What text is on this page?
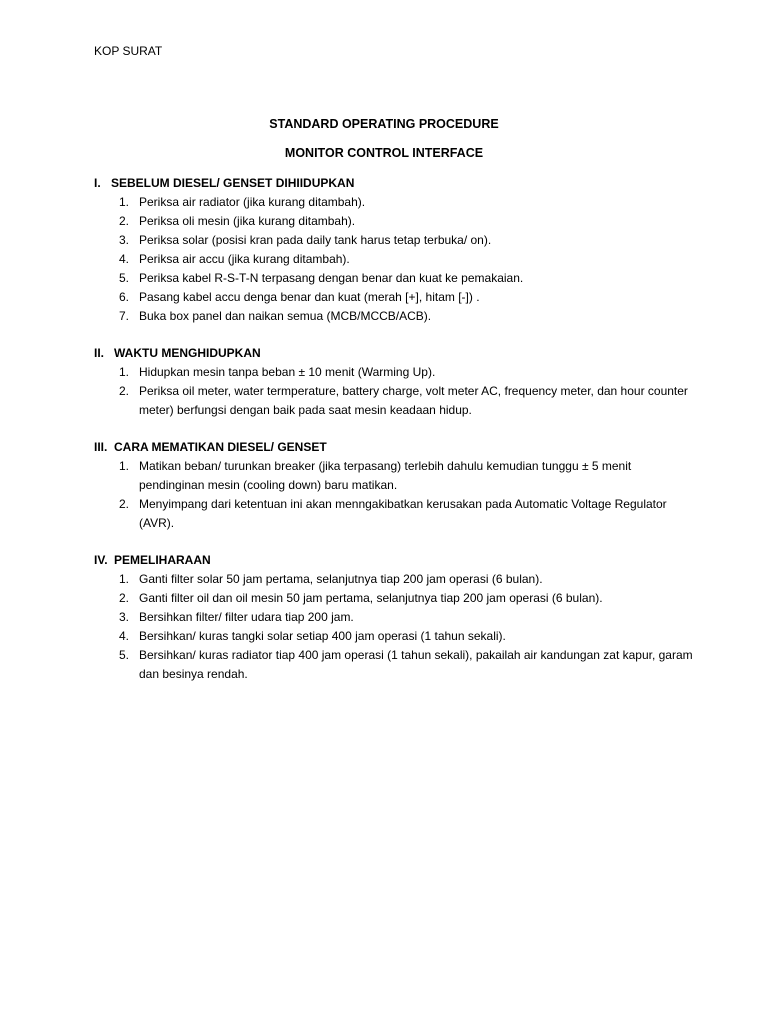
KOP SURAT
STANDARD OPERATING PROCEDURE
MONITOR CONTROL INTERFACE
I. SEBELUM DIESEL/ GENSET DIHIIDUPKAN
1. Periksa air radiator (jika kurang ditambah).
2. Periksa oli mesin (jika kurang ditambah).
3. Periksa solar (posisi kran pada daily tank harus tetap terbuka/ on).
4. Periksa air accu (jika kurang ditambah).
5. Periksa kabel R-S-T-N terpasang dengan benar dan kuat ke pemakaian.
6. Pasang kabel accu denga benar dan kuat (merah [+], hitam [-]) .
7. Buka box panel dan naikan semua (MCB/MCCB/ACB).
II. WAKTU MENGHIDUPKAN
1. Hidupkan mesin tanpa beban ± 10 menit (Warming Up).
2. Periksa oil meter, water termperature, battery charge, volt meter AC, frequency meter, dan hour counter meter) berfungsi dengan baik pada saat mesin keadaan hidup.
III. CARA MEMATIKAN DIESEL/ GENSET
1. Matikan beban/ turunkan breaker (jika terpasang) terlebih dahulu kemudian tunggu ± 5 menit pendinginan mesin (cooling down) baru matikan.
2. Menyimpang dari ketentuan ini akan menngakibatkan kerusakan pada Automatic Voltage Regulator (AVR).
IV. PEMELIHARAAN
1. Ganti filter solar 50 jam pertama, selanjutnya tiap 200 jam operasi (6 bulan).
2. Ganti filter oil dan oil mesin 50 jam pertama, selanjutnya tiap 200 jam operasi (6 bulan).
3. Bersihkan filter/ filter udara tiap 200 jam.
4. Bersihkan/ kuras tangki solar setiap 400 jam operasi (1 tahun sekali).
5. Bersihkan/ kuras radiator tiap 400 jam operasi (1 tahun sekali), pakailah air kandungan zat kapur, garam dan besinya rendah.
